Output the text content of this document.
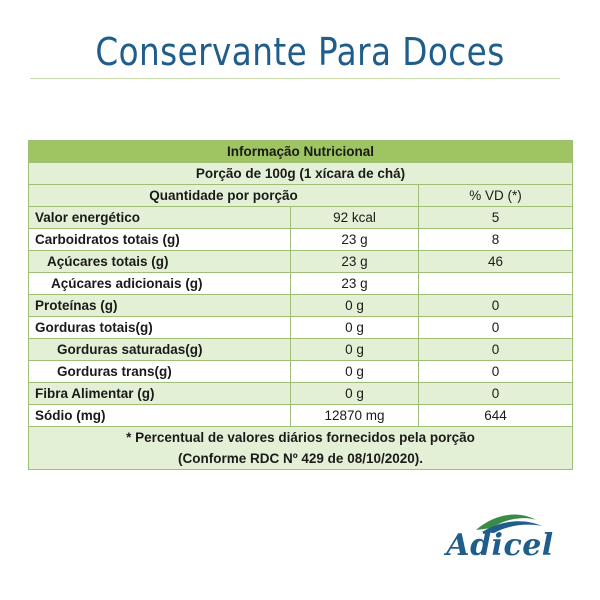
Conservante Para Doces
Informação Nutricional		
Porção de 100g (1 xícara de chá)		
Quantidade por porção		% VD (*)
Valor energético	92 kcal	5
Carboidratos totais (g)	23 g	8
Açúcares totais (g)	23 g	46
Açúcares adicionais (g)	23 g	
Proteínas (g)	0 g	0
Gorduras totais(g)	0 g	0
Gorduras saturadas(g)	0 g	0
Gorduras trans(g)	0 g	0
Fibra Alimentar (g)	0 g	0
Sódio (mg)	12870 mg	644

* Percentual de valores diários fornecidos pela porção
(Conforme RDC Nº 429 de 08/10/2020).		
Adicel
